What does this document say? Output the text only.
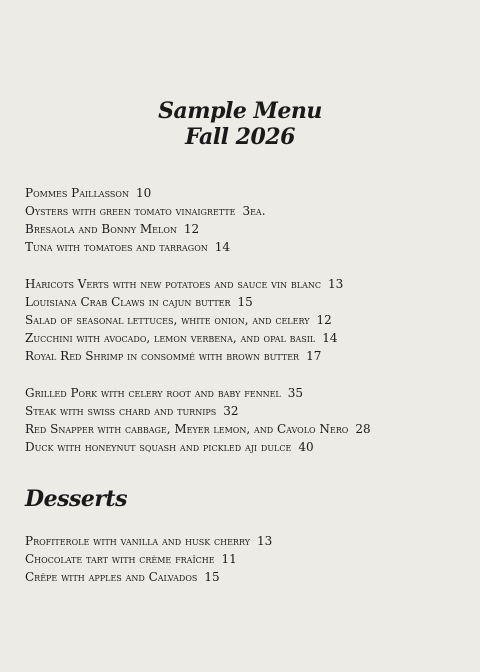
Sample Menu
Fall 2026
Pommes Paillasson 10
Oysters with green tomato vinaigrette 3ea.
Bresaola and Bonny Melon 12
Tuna with tomatoes and tarragon 14
Haricots Verts with new potatoes and sauce vin blanc 13
Louisiana Crab Claws in cajun butter 15
Salad of seasonal lettuces, white onion, and celery 12
Zucchini with avocado, lemon verbena, and opal basil 14
Royal Red Shrimp in consommé with brown butter 17
Grilled Pork with celery root and baby fennel 35
Steak with swiss chard and turnips 32
Red Snapper with cabbage, Meyer lemon, and Cavolo Nero 28
Duck with honeynut squash and pickled aji dulce 40
Desserts
Profiterole with vanilla and husk cherry 13
Chocolate tart with crème fraîche 11
Crêpe with apples and Calvados 15
